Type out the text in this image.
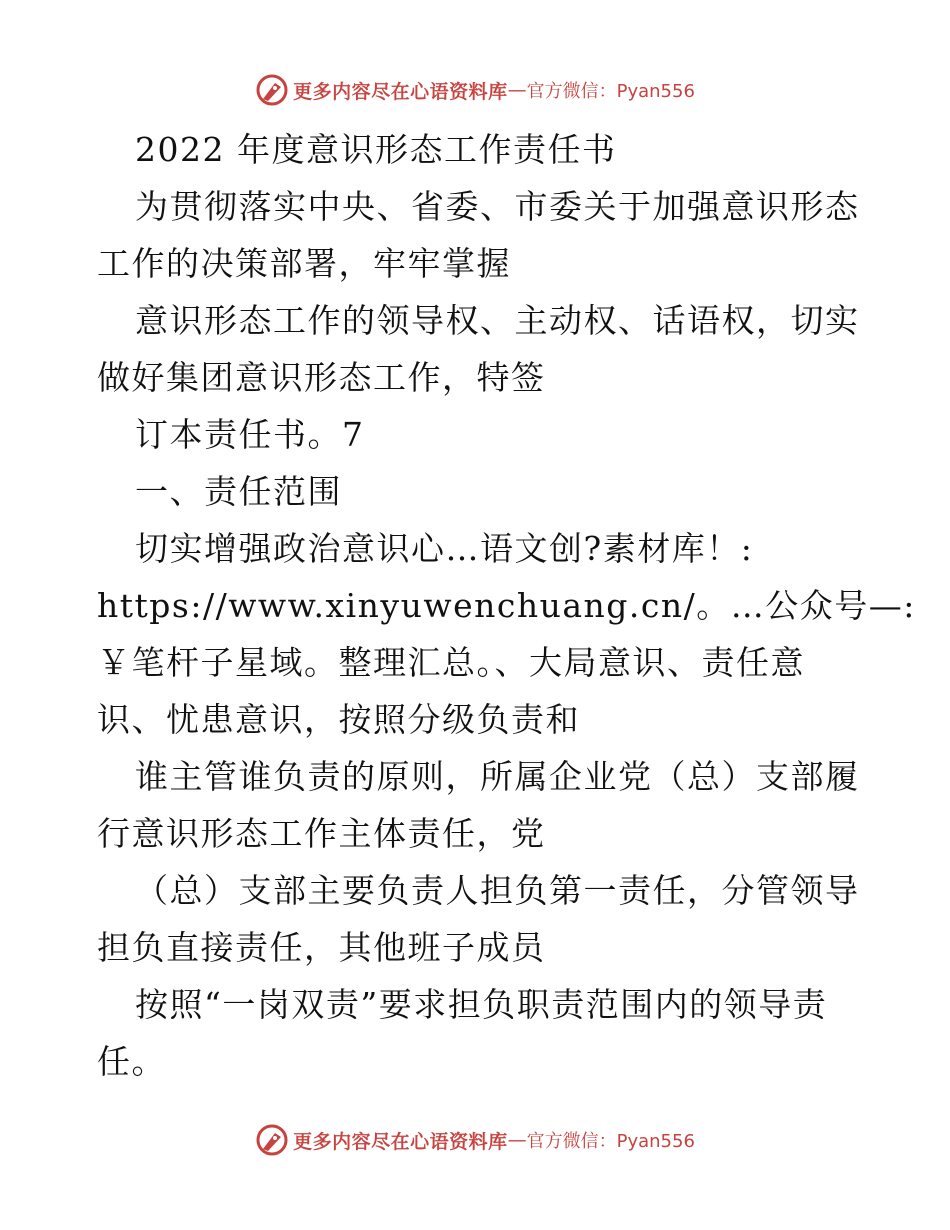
更多内容尽在心语资料库 — 官方微信：Pyan556
2022 年度意识形态工作责任书
为贯彻落实中央、省委、市委关于加强意识形态
工作的决策部署，牢牢掌握
意识形态工作的领导权、主动权、话语权，切实
做好集团意识形态工作，特签
订本责任书。7
一、责任范围
切实增强政治意识心…语文创?素材库！:
https://www.xinyuwenchuang.cn/。…公众号—:
￥笔杆子星域。整理汇总。、大局意识、责任意
识、忧患意识，按照分级负责和
谁主管谁负责的原则，所属企业党（总）支部履
行意识形态工作主体责任，党
（总）支部主要负责人担负第一责任，分管领导
担负直接责任，其他班子成员
按照“一岗双责”要求担负职责范围内的领导责
任。
更多内容尽在心语资料库 — 官方微信：Pyan556
